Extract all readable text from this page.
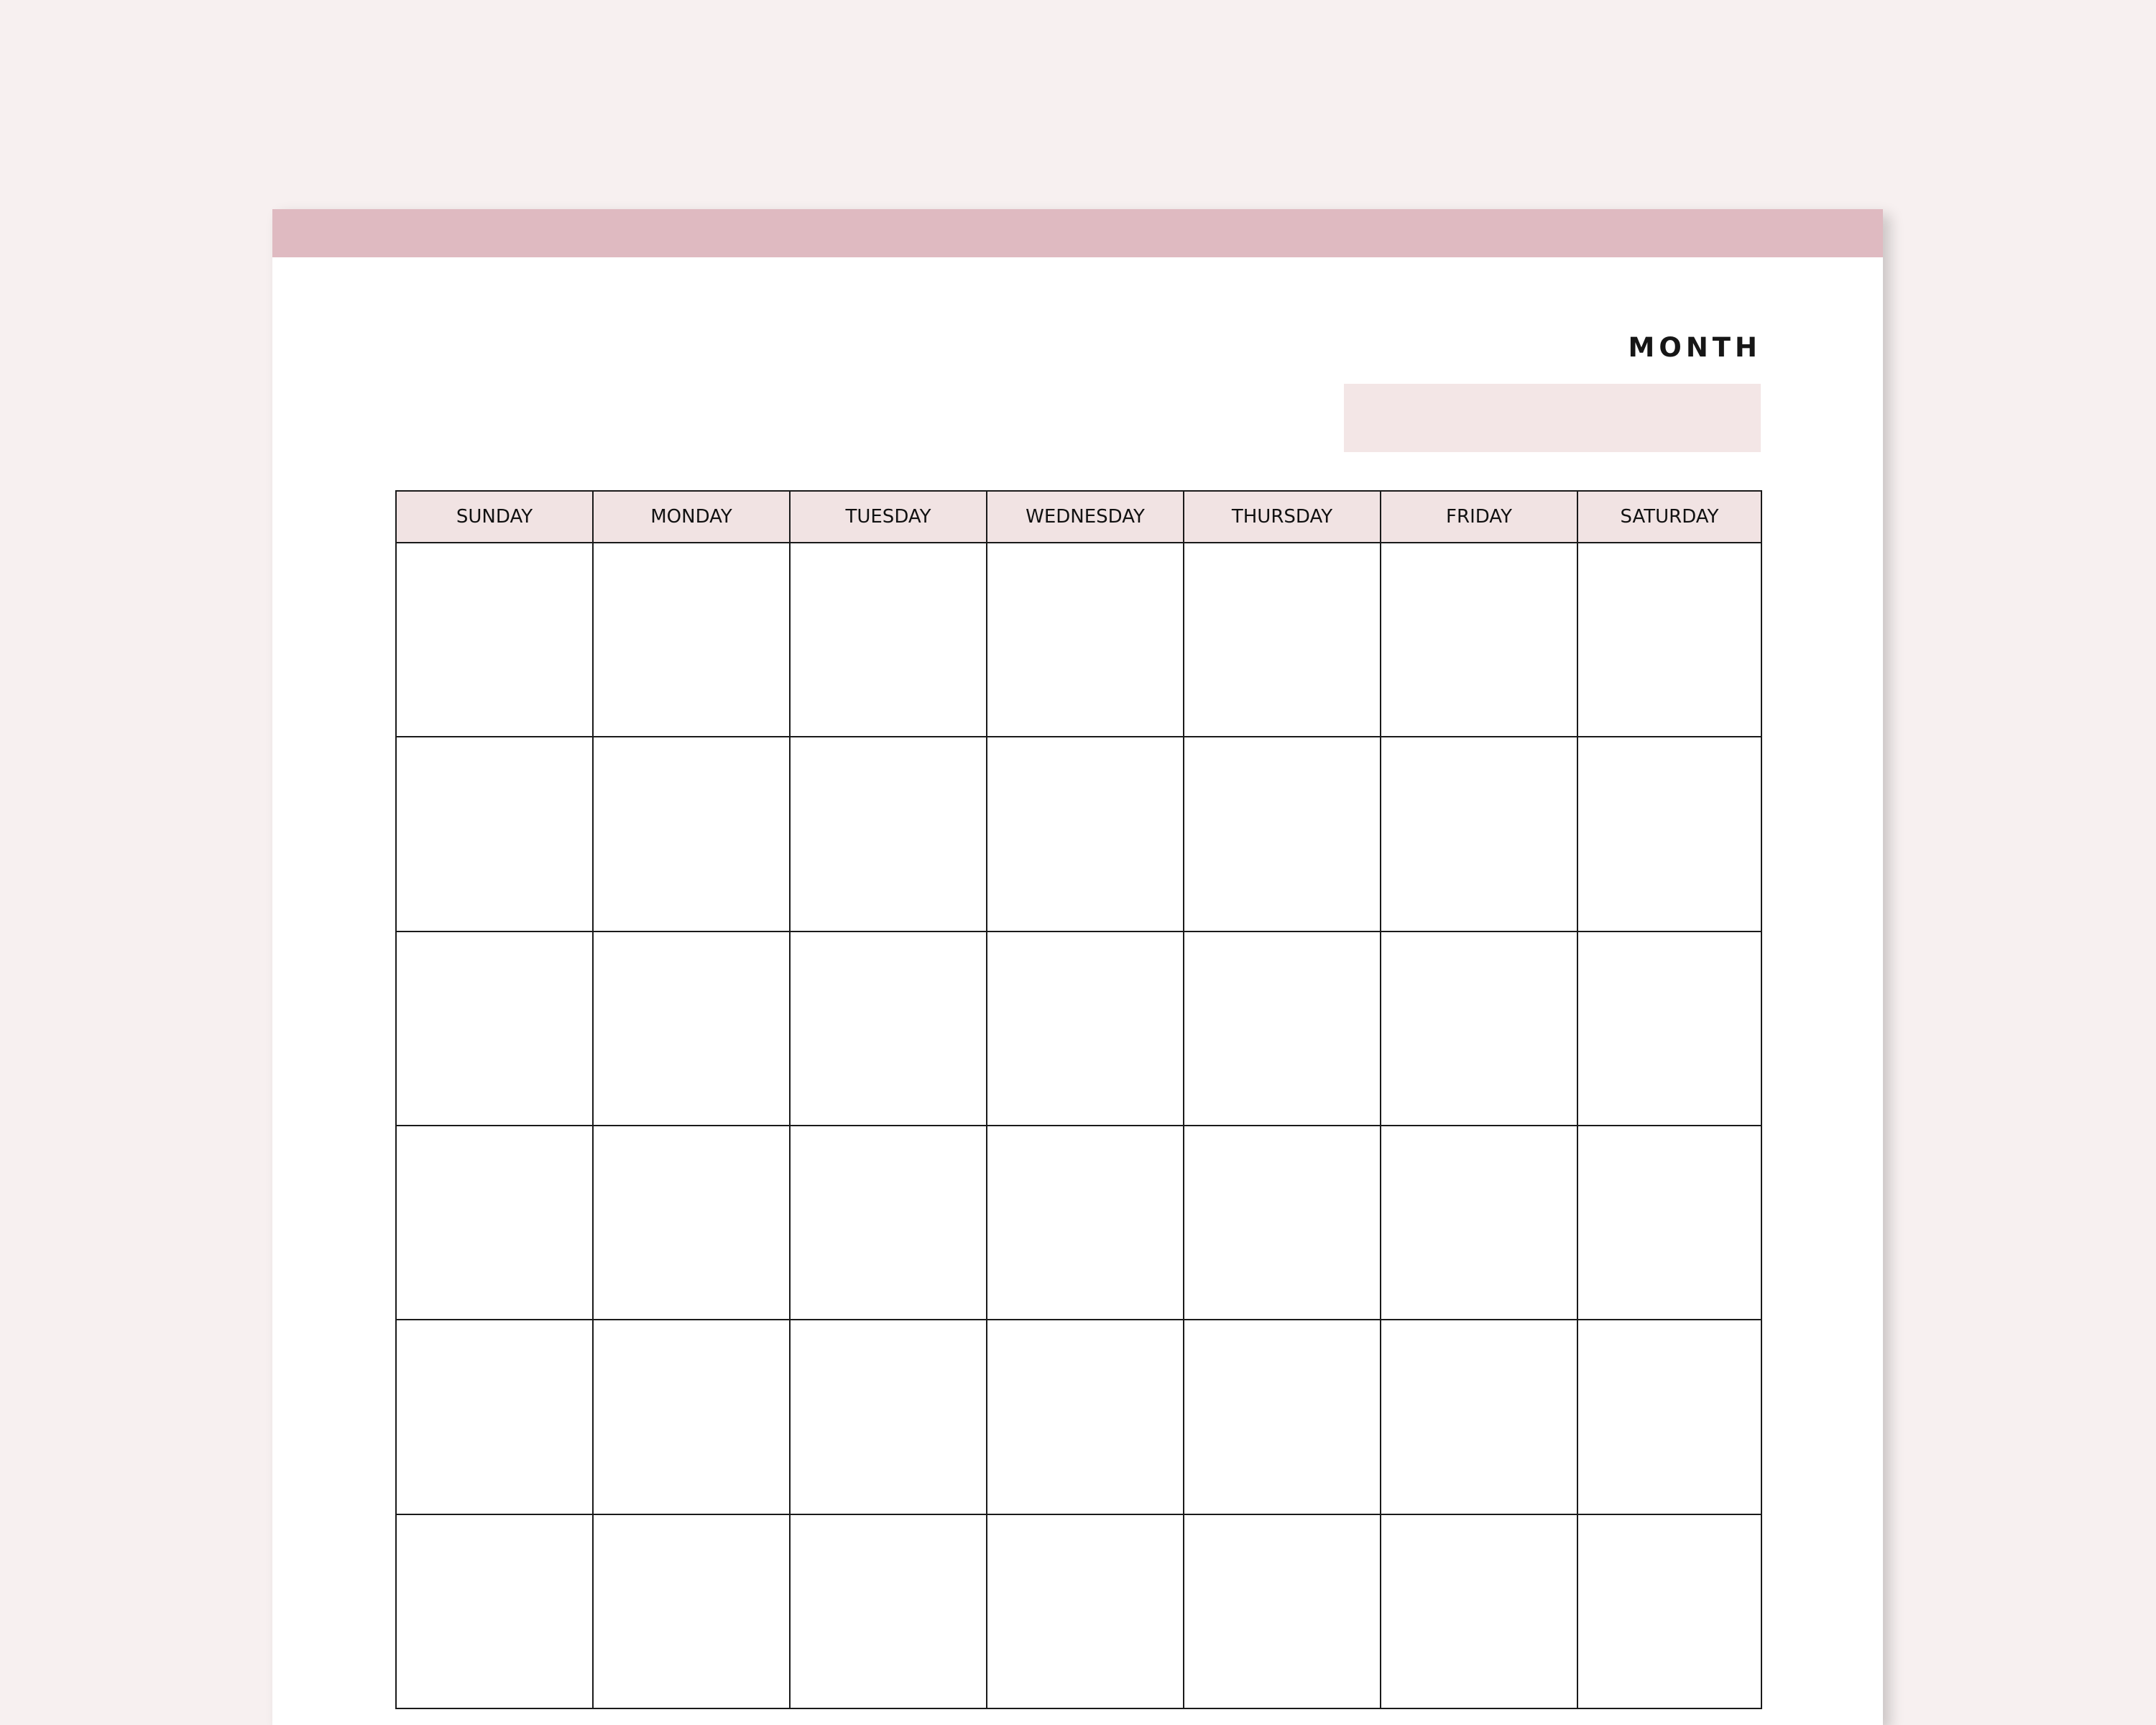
MONTH
SUNDAY	MONDAY	TUESDAY	WEDNESDAY	THURSDAY	FRIDAY	SATURDAY
